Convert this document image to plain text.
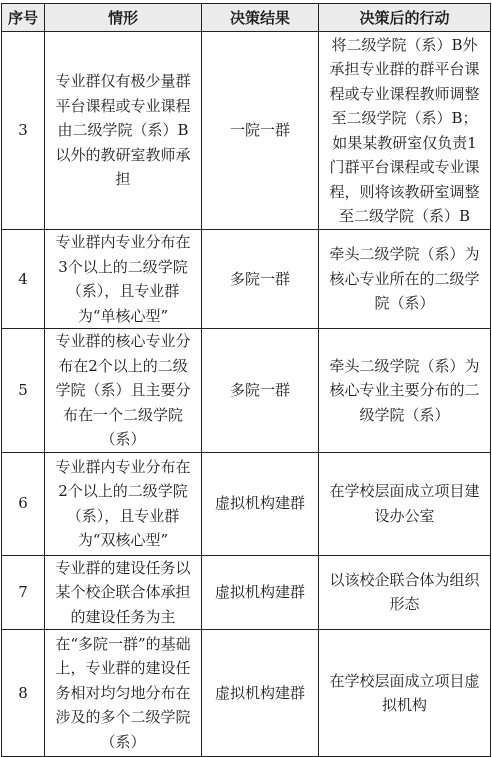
序号	情形	决策结果	决策后的行动
3	专业群仅有极少量群平台课程或专业课程由二级学院（系）B以外的教研室教师承担	一院一群	将二级学院（系）B外承担专业群的群平台课程或专业课程教师调整至二级学院（系）B；如果某教研室仅负责1门群平台课程或专业课程，则将该教研室调整至二级学院（系）B
4	专业群内专业分布在3个以上的二级学院（系），且专业群为“单核心型”	多院一群	牵头二级学院（系）为核心专业所在的二级学院（系）
5	专业群的核心专业分布在2个以上的二级学院（系）且主要分布在一个二级学院（系）	多院一群	牵头二级学院（系）为核心专业主要分布的二级学院（系）
6	专业群内专业分布在2个以上的二级学院（系），且专业群为“双核心型”	虚拟机构建群	在学校层面成立项目建设办公室
7	专业群的建设任务以某个校企联合体承担的建设任务为主	虚拟机构建群	以该校企联合体为组织形态
8	在“多院一群”的基础上，专业群的建设任务相对均匀地分布在涉及的多个二级学院（系）	虚拟机构建群	在学校层面成立项目虚拟机构
